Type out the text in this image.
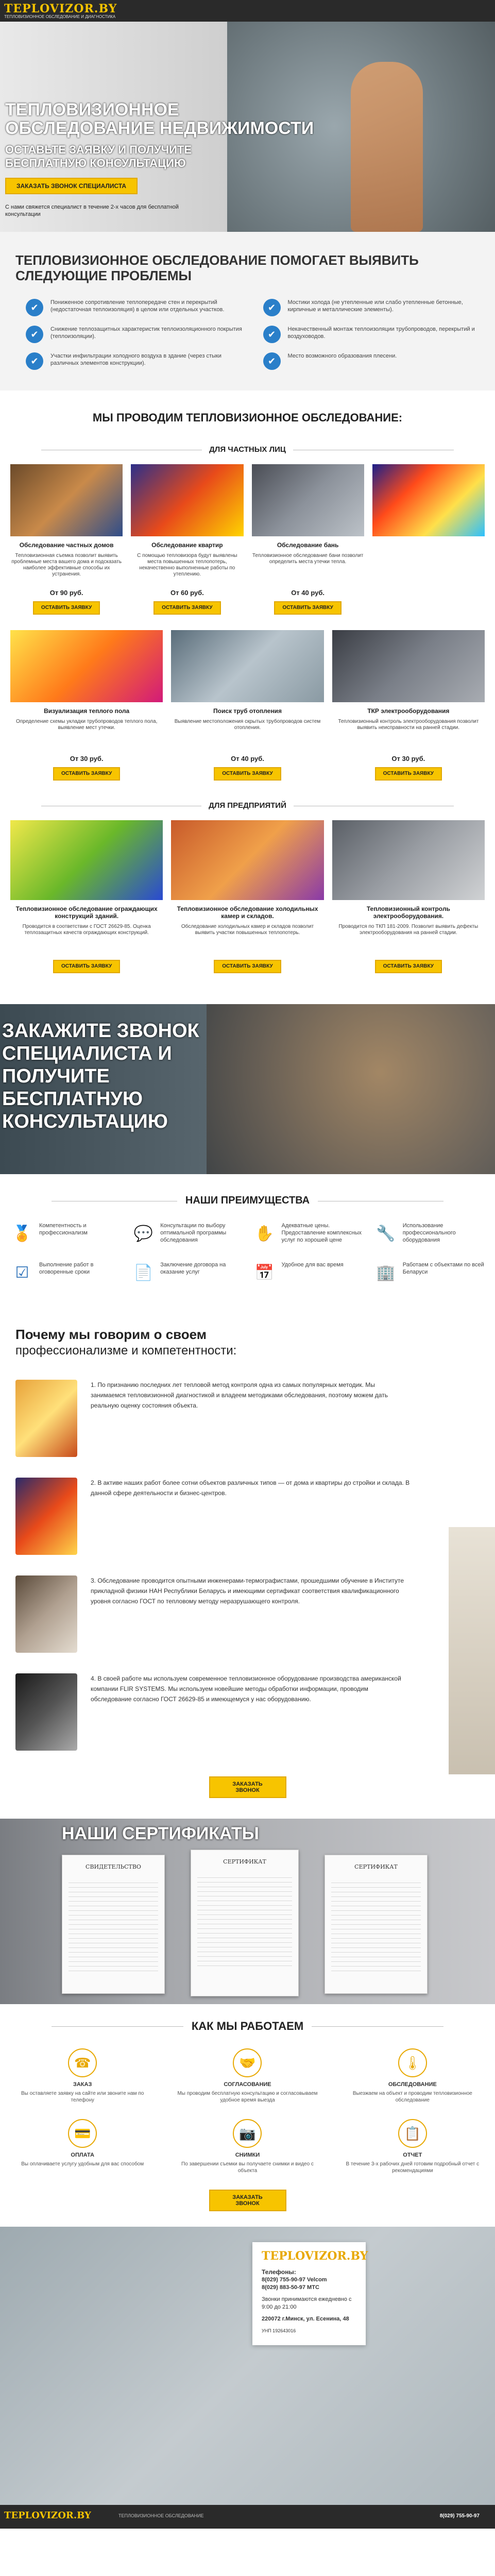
TEPLOVIZOR.BY
ТЕПЛОВИЗИОННОЕ ОБСЛЕДОВАНИЕ И ДИАГНОСТИКА
ТЕПЛОВИЗИОННОЕ ОБСЛЕДОВАНИЕ НЕДВИЖИМОСТИ
ОСТАВЬТЕ ЗАЯВКУ И ПОЛУЧИТЕ БЕСПЛАТНУЮ КОНСУЛЬТАЦИЮ
ЗАКАЗАТЬ ЗВОНОК СПЕЦИАЛИСТА
С нами свяжется специалист в течение 2-х часов для бесплатной консультации
ТЕПЛОВИЗИОННОЕ ОБСЛЕДОВАНИЕ ПОМОГАЕТ ВЫЯВИТЬ СЛЕДУЮЩИЕ ПРОБЛЕМЫ
✔	Пониженное сопротивление теплопередаче стен и перекрытий (недостаточная теплоизоляция) в целом или отдельных участков.	✔	Мостики холода (не утепленные или слабо утепленные бетонные, кирпичные и металлические элементы).
✔	Снижение теплозащитных характеристик теплоизоляционного покрытия (теплоизоляции).	✔	Некачественный монтаж теплоизоляции трубопроводов, перекрытий и воздуховодов.
✔	Участки инфильтрации холодного воздуха в здание (через стыки различных элементов конструкции).	✔	Место возможного образования плесени.
МЫ ПРОВОДИМ ТЕПЛОВИЗИОННОЕ ОБСЛЕДОВАНИЕ:
ДЛЯ ЧАСТНЫХ ЛИЦ
Обследование частных домов
Тепловизионная съемка позволит выявить проблемные места вашего дома и подсказать наиболее эффективные способы их устранения.
От 90 руб.
ОСТАВИТЬ ЗАЯВКУ
Обследование квартир
С помощью тепловизора будут выявлены места повышенных теплопотерь, некачественно выполненные работы по утеплению.
От 60 руб.
ОСТАВИТЬ ЗАЯВКУ
Обследование бань
Тепловизионное обследование бани позволит определить места утечки тепла.
От 40 руб.
ОСТАВИТЬ ЗАЯВКУ
Визуализация теплого пола
Определение схемы укладки трубопроводов теплого пола, выявление мест утечки.
От 30 руб.
ОСТАВИТЬ ЗАЯВКУ
Поиск труб отопления
Выявление местоположения скрытых трубопроводов систем отопления.
От 40 руб.
ОСТАВИТЬ ЗАЯВКУ
ТКР электрооборудования
Тепловизионный контроль электрооборудования позволит выявить неисправности на ранней стадии.
От 30 руб.
ОСТАВИТЬ ЗАЯВКУ
ДЛЯ ПРЕДПРИЯТИЙ
Тепловизионное обследование ограждающих конструкций зданий.
Проводится в соответствии с ГОСТ 26629-85. Оценка теплозащитных качеств ограждающих конструкций.
ОСТАВИТЬ ЗАЯВКУ
Тепловизионное обследование холодильных камер и складов.
Обследование холодильных камер и складов позволит выявить участки повышенных теплопотерь.
ОСТАВИТЬ ЗАЯВКУ
Тепловизионный контроль электрооборудования.
Проводится по ТКП 181-2009. Позволит выявить дефекты электрооборудования на ранней стадии.
ОСТАВИТЬ ЗАЯВКУ
ЗАКАЖИТЕ ЗВОНОК СПЕЦИАЛИСТА И ПОЛУЧИТЕ БЕСПЛАТНУЮ КОНСУЛЬТАЦИЮ
НАШИ ПРЕИМУЩЕСТВА
🏅	Компетентность и профессионализм	💬	Консультации по выбору оптимальной программы обследования	✋	Адекватные цены. Предоставление комплексных услуг по хорошей цене	🔧	Использование профессионального оборудования
☑	Выполнение работ в оговоренные сроки	📄	Заключение договора на оказание услуг	📅	Удобное для вас время 🏢	Работаем с объектами по всей Беларуси
Почему мы говорим о своем
профессионализме и компетентности:
1. По признанию последних лет тепловой метод контроля одна из самых популярных методик. Мы занимаемся тепловизионной диагностикой и владеем методиками обследования, поэтому можем дать реальную оценку состояния объекта.
2. В активе наших работ более сотни объектов различных типов — от дома и квартиры до стройки и склада. В данной сфере деятельности и бизнес-центров.
3. Обследование проводится опытными инженерами-термографистами, прошедшими обучение в Институте прикладной физики НАН Республики Беларусь и имеющими сертификат соответствия квалификационного уровня согласно ГОСТ по тепловому методу неразрушающего контроля.
4. В своей работе мы используем современное тепловизионное оборудование производства американской компании FLIR SYSTEMS. Мы используем новейшие методы обработки информации, проводим обследование согласно ГОСТ 26629-85 и имеющемуся у нас оборудованию.
ЗАКАЗАТЬ ЗВОНОК
НАШИ СЕРТИФИКАТЫ
СВИДЕТЕЛЬСТВО
СЕРТИФИКАТ
СЕРТИФИКАТ
КАК МЫ РАБОТАЕМ
☎
ЗАКАЗ
Вы оставляете заявку на сайте или звоните нам по телефону
🤝
СОГЛАСОВАНИЕ
Мы проводим бесплатную консультацию и согласовываем удобное время выезда
🌡
ОБСЛЕДОВАНИЕ
Выезжаем на объект и проводим тепловизионное обследование
💳
ОПЛАТА
Вы оплачиваете услугу удобным для вас способом
📷
СНИМКИ
По завершении съемки вы получаете снимки и видео с объекта
📋
ОТЧЕТ
В течение 3-х рабочих дней готовим подробный отчет с рекомендациями
ЗАКАЗАТЬ ЗВОНОК
TEPLOVIZOR.BY
Телефоны:
8(029) 755-90-97 Velcom
8(029) 883-50-97 МТС
Звонки принимаются ежедневно с 9:00 до 21:00
220072 г.Минск, ул. Есенина, 48
УНП 192643016
TEPLOVIZOR.BY	ТЕПЛОВИЗИОННОЕ ОБСЛЕДОВАНИЕ	8(029) 755-90-97
